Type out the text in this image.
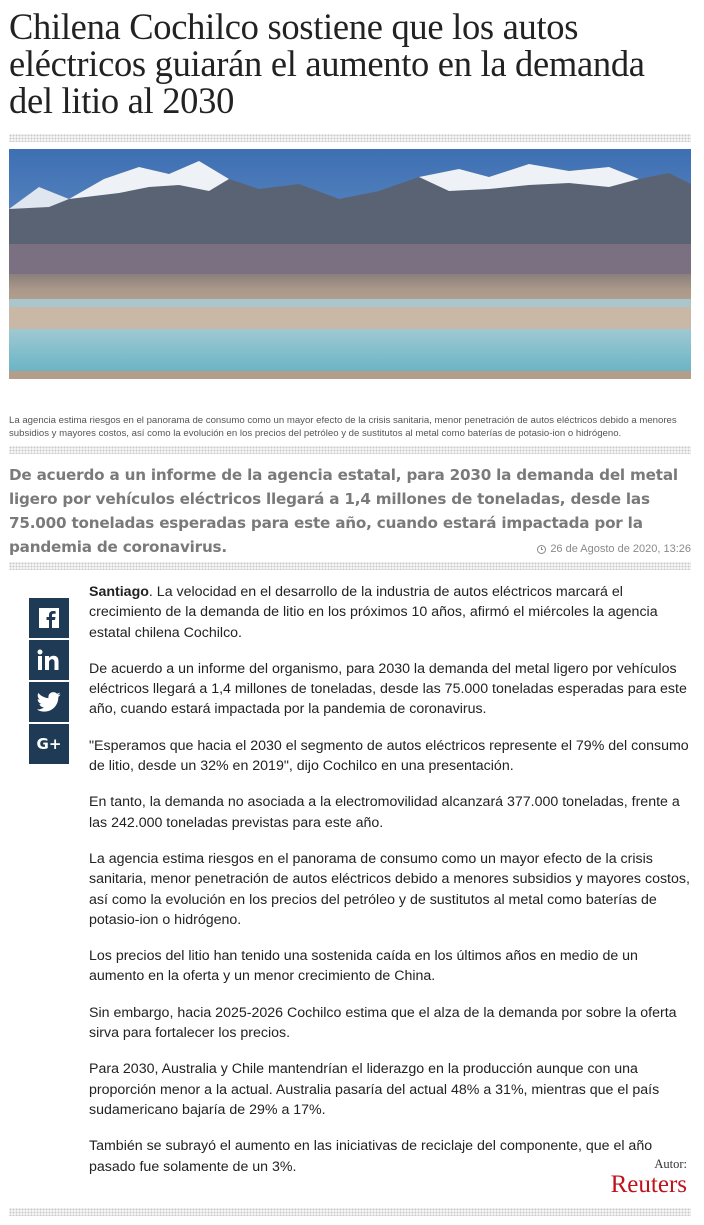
Chilena Cochilco sostiene que los autos eléctricos guiarán el aumento en la demanda del litio al 2030
La agencia estima riesgos en el panorama de consumo como un mayor efecto de la crisis sanitaria, menor penetración de autos eléctricos debido a menores subsidios y mayores costos, así como la evolución en los precios del petróleo y de sustitutos al metal como baterías de potasio-ion o hidrógeno.

De acuerdo a un informe de la agencia estatal, para 2030 la demanda del metal ligero por vehículos eléctricos llegará a 1,4 millones de toneladas, desde las 75.000 toneladas esperadas para este año, cuando estará impactada por la pandemia de coronavirus.	26 de Agosto de 2020, 13:26
G+

Santiago. La velocidad en el desarrollo de la industria de autos eléctricos marcará el crecimiento de la demanda de litio en los próximos 10 años, afirmó el miércoles la agencia estatal chilena Cochilco.

De acuerdo a un informe del organismo, para 2030 la demanda del metal ligero por vehículos eléctricos llegará a 1,4 millones de toneladas, desde las 75.000 toneladas esperadas para este año, cuando estará impactada por la pandemia de coronavirus.

"Esperamos que hacia el 2030 el segmento de autos eléctricos represente el 79% del consumo de litio, desde un 32% en 2019", dijo Cochilco en una presentación.

En tanto, la demanda no asociada a la electromovilidad alcanzará 377.000 toneladas, frente a las 242.000 toneladas previstas para este año.

La agencia estima riesgos en el panorama de consumo como un mayor efecto de la crisis sanitaria, menor penetración de autos eléctricos debido a menores subsidios y mayores costos, así como la evolución en los precios del petróleo y de sustitutos al metal como baterías de potasio-ion o hidrógeno.

Los precios del litio han tenido una sostenida caída en los últimos años en medio de un aumento en la oferta y un menor crecimiento de China.

Sin embargo, hacia 2025-2026 Cochilco estima que el alza de la demanda por sobre la oferta sirva para fortalecer los precios.

Para 2030, Australia y Chile mantendrían el liderazgo en la producción aunque con una proporción menor a la actual. Australia pasaría del actual 48% a 31%, mientras que el país sudamericano bajaría de 29% a 17%.

También se subrayó el aumento en las iniciativas de reciclaje del componente, que el año pasado fue solamente de un 3%.	Autor:
Reuters
